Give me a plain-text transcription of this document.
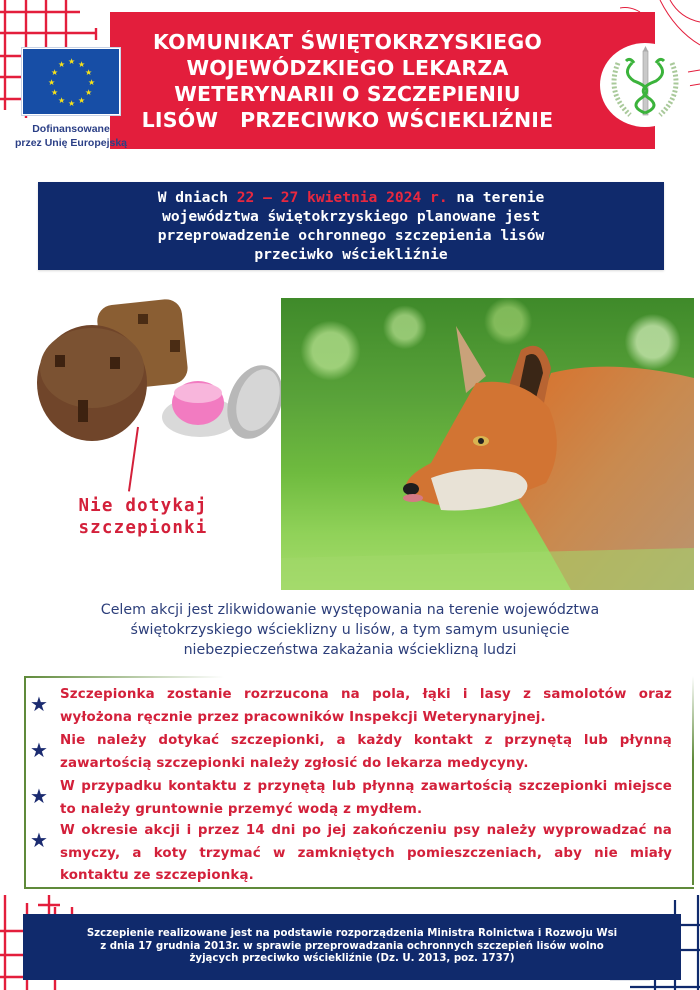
KOMUNIKAT ŚWIĘTOKRZYSKIEGO
WOJEWÓDZKIEGO LEKARZA
WETERYNARII O SZCZEPIENIU
LISÓW   PRZECIWKO WŚCIEKLIŹNIE
★ ★
★
★
★
★
★
★
★
★
★
★
Dofinansowane
przez Unię Europejską
W dniach 22 – 27 kwietnia 2024 r. na terenie
województwa świętokrzyskiego planowane jest
przeprowadzenie ochronnego szczepienia lisów
przeciwko wściekliźnie
Nie dotykaj
szczepionki
Celem akcji jest zlikwidowanie występowania na terenie województwa
świętokrzyskiego wścieklizny u lisów, a tym samym usunięcie
niebezpieczeństwa zakażania wścieklizną ludzi
★ Szczepionka zostanie rozrzucona na pola, łąki i lasy z samolotów oraz wyłożona ręcznie przez pracowników Inspekcji Weterynaryjnej.
★ Nie należy dotykać szczepionki, a każdy kontakt z przynętą lub płynną zawartością szczepionki należy zgłosić do lekarza medycyny.
★ W przypadku kontaktu z przynętą lub płynną zawartością szczepionki miejsce to należy gruntownie przemyć wodą z mydłem.
★ W okresie akcji i przez 14 dni po jej zakończeniu psy należy wyprowadzać na smyczy, a koty trzymać w zamkniętych pomieszczeniach, aby nie miały kontaktu ze szczepionką.
Szczepienie realizowane jest na podstawie rozporządzenia Ministra Rolnictwa i Rozwoju Wsi
z dnia 17 grudnia 2013r. w sprawie przeprowadzania ochronnych szczepień lisów wolno
żyjących przeciwko wściekliźnie (Dz. U. 2013, poz. 1737)
